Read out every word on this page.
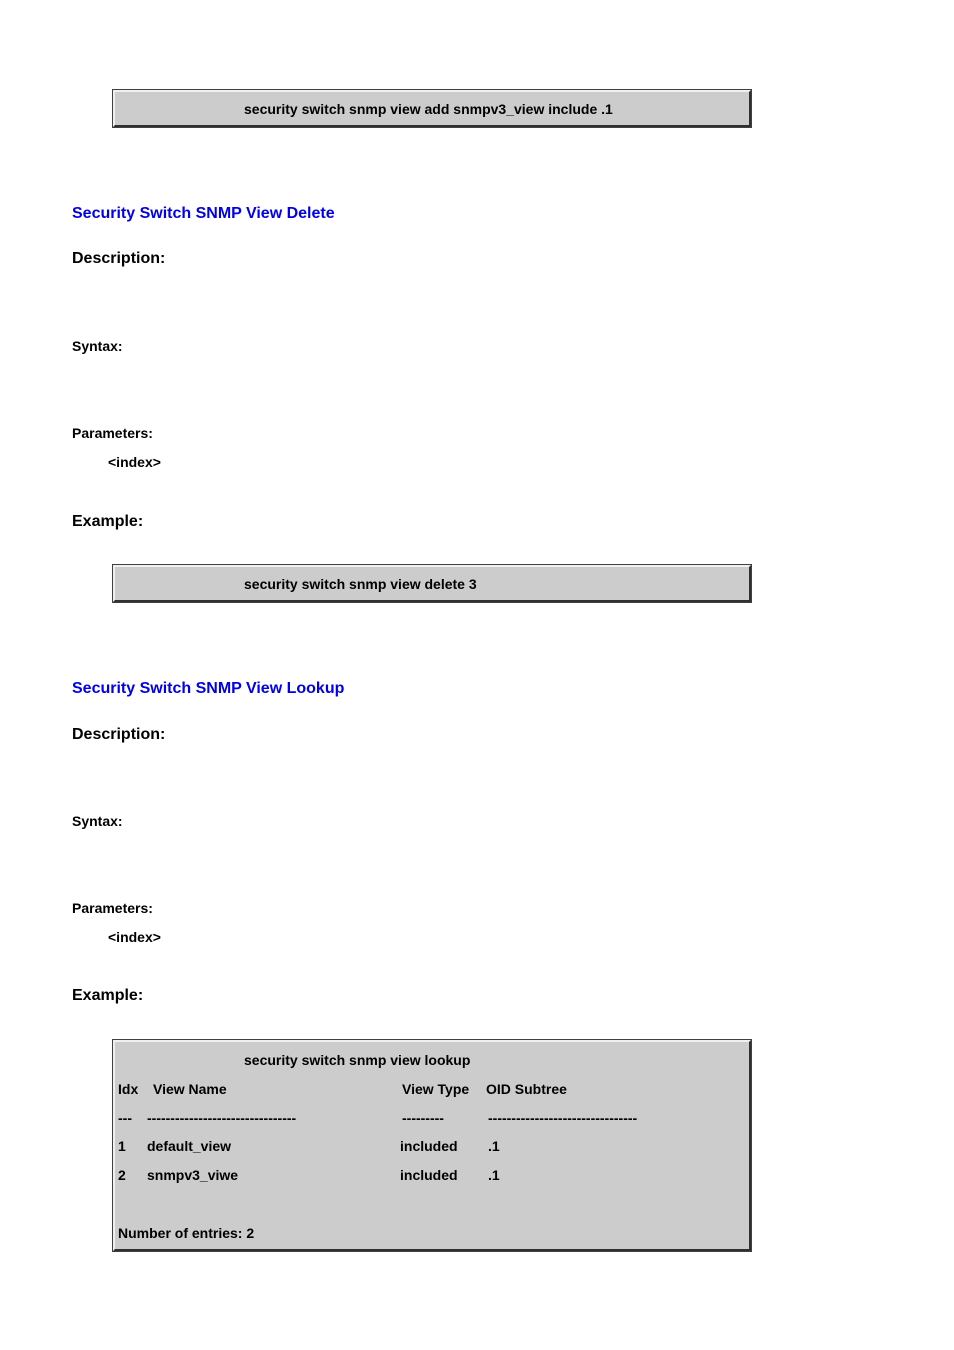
security switch snmp view add snmpv3_view include .1
Security Switch SNMP View Delete
Description:
Syntax:
Parameters:
<index>
Example:
security switch snmp view delete 3
Security Switch SNMP View Lookup
Description:
Syntax:
Parameters:
<index>
Example:
security switch snmp view lookup
Idx View Name	View Type OID Subtree
--- --------------------------------	---------	--------------------------------
1 default_view	included .1
2 snmpv3_viwe	included .1
Number of entries: 2
